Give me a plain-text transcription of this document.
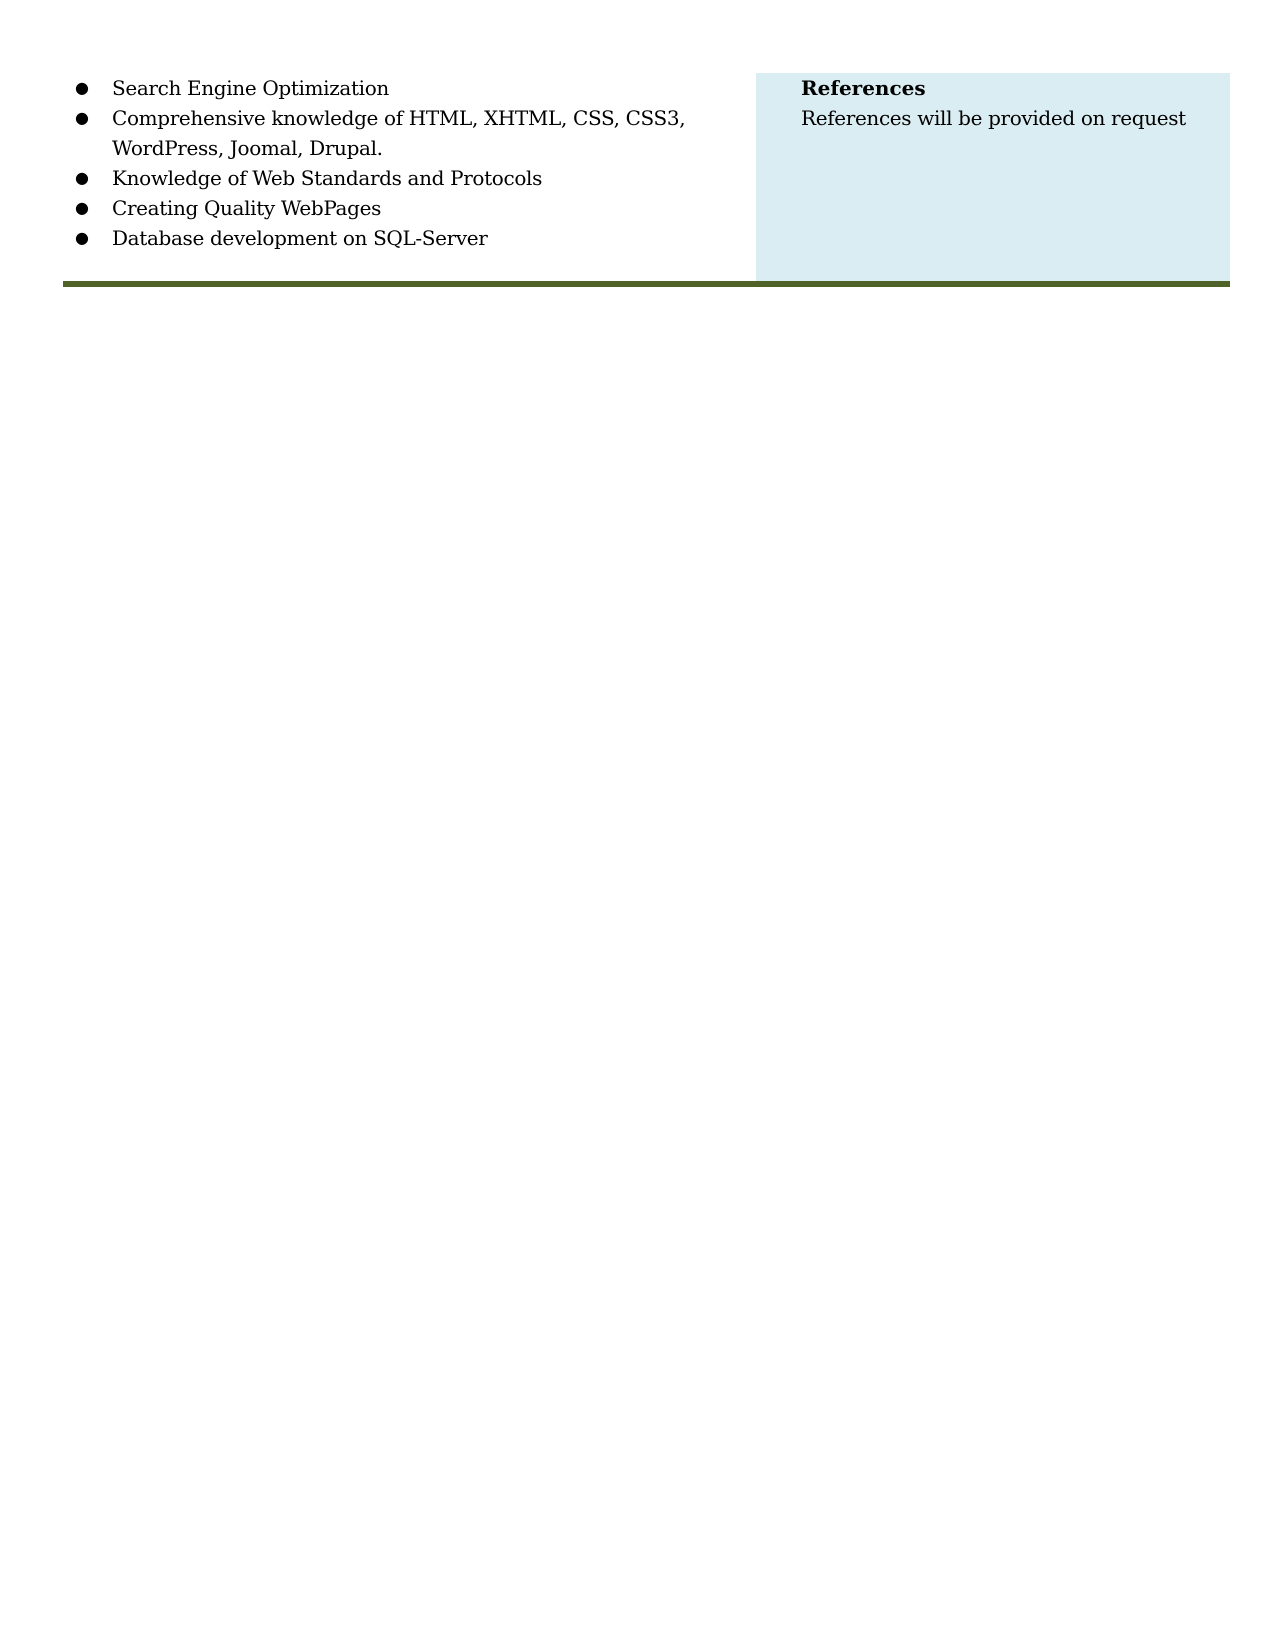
● Search Engine Optimization
● Comprehensive knowledge of HTML, XHTML, CSS, CSS3, WordPress, Joomal, Drupal.
● Knowledge of Web Standards and Protocols
● Creating Quality WebPages
● Database development on SQL-Server
References
References will be provided on request
